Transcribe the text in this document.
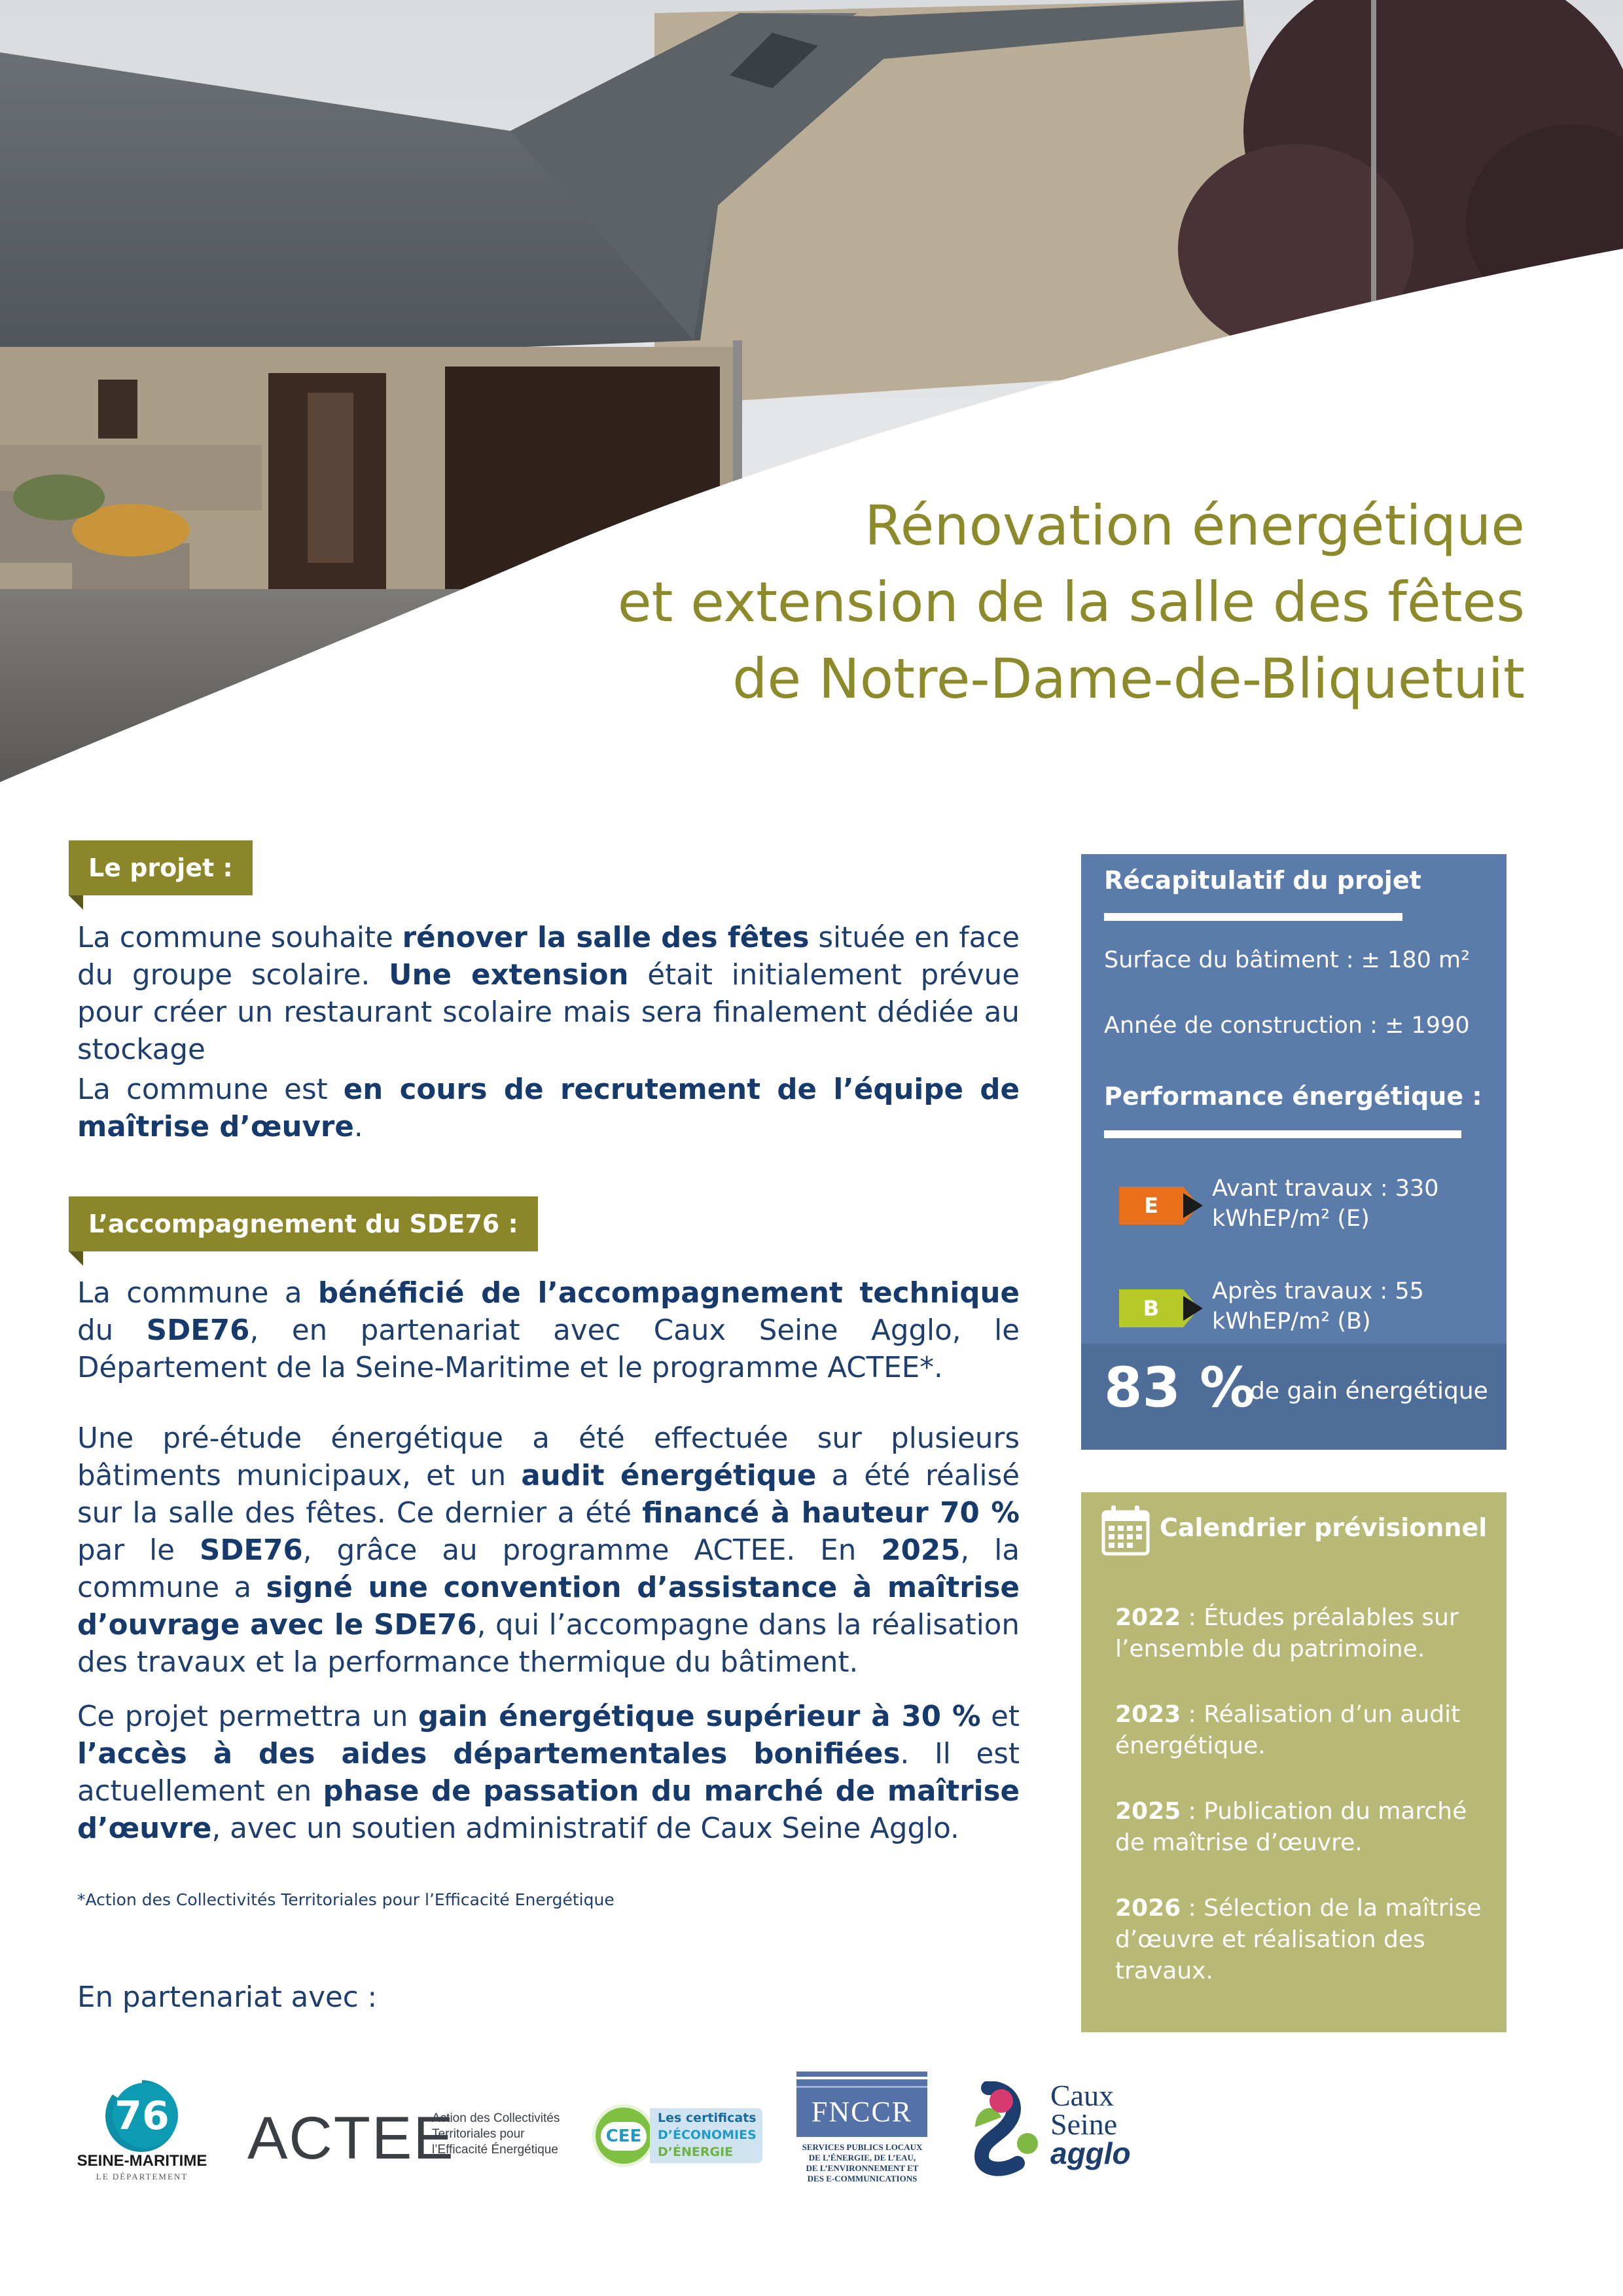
Rénovation énergétique
et extension de la salle des fêtes
de Notre-Dame-de-Bliquetuit
Le projet :
La commune souhaite rénover la salle des fêtes située en face du groupe scolaire. Une extension était initialement prévue pour créer un restaurant scolaire mais sera finalement dédiée au stockage
La commune est en cours de recrutement de l’équipe de maîtrise d’œuvre.
L’accompagnement du SDE76 :
La commune a bénéficié de l’accompagnement technique du SDE76, en partenariat avec Caux Seine Agglo, le Département de la Seine-Maritime et le programme ACTEE*.
Une pré-étude énergétique a été effectuée sur plusieurs bâtiments municipaux, et un audit énergétique a été réalisé sur la salle des fêtes. Ce dernier a été financé à hauteur 70 % par le SDE76, grâce au programme ACTEE. En 2025, la commune a signé une convention d’assistance à maîtrise d’ouvrage avec le SDE76, qui l’accompagne dans la réalisation des travaux et la performance thermique du bâtiment.
Ce projet permettra un gain énergétique supérieur à 30 % et l’accès à des aides départementales bonifiées. Il est actuellement en phase de passation du marché de maîtrise d’œuvre, avec un soutien administratif de Caux Seine Agglo.
*Action des Collectivités Territoriales pour l’Efficacité Energétique
En partenariat avec :
Récapitulatif du projet
Surface du bâtiment : ± 180 m²
Année de construction : ± 1990
Performance énergétique :
E
Avant travaux : 330
kWhEP/m² (E)
B
Après travaux : 55
kWhEP/m² (B)
83 %
de gain énergétique
Calendrier prévisionnel
2022 : Études préalables sur l’ensemble du patrimoine.
2023 : Réalisation d’un audit énergétique.
2025 : Publication du marché de maîtrise d’œuvre.
2026 : Sélection de la maîtrise d’œuvre et réalisation des travaux.
76
SEINE-MARITIME
LE DÉPARTEMENT
ACTEE
Action des Collectivités
Territoriales pour
l’Efficacité Énergétique
CEE
Les certificats
D’ÉCONOMIES
D’ÉNERGIE
FNCCR
SERVICES PUBLICS LOCAUX
DE L’ÉNERGIE, DE L’EAU,
DE L’ENVIRONNEMENT ET
DES E-COMMUNICATIONS
Caux
Seine
agglo
